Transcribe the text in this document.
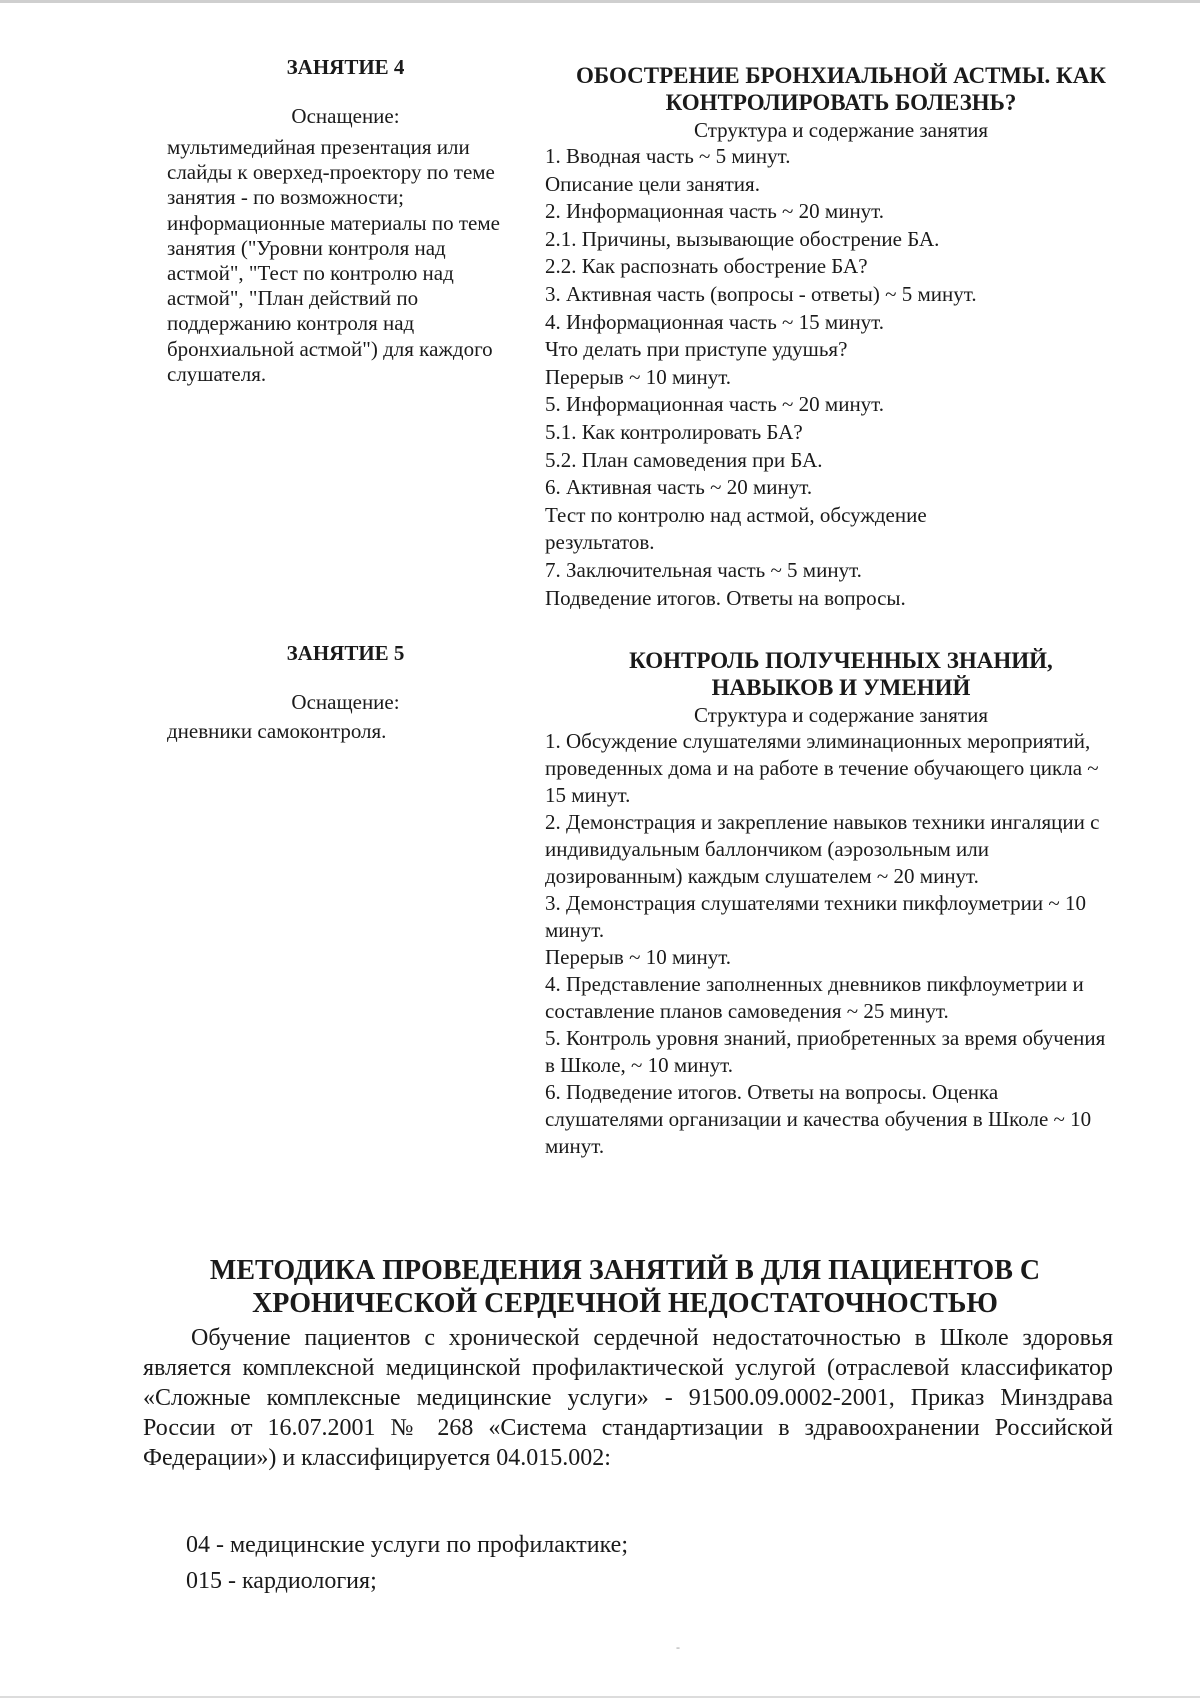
ЗАНЯТИЕ 4

Оснащение:

мультимедийная презентация или слайды к оверхед-проектору по теме занятия - по возможности; информационные материалы по теме занятия ("Уровни контроля над астмой", "Тест по контролю над астмой", "План действий по поддержанию контроля над бронхиальной астмой") для каждого слушателя.

ОБОСТРЕНИЕ БРОНХИАЛЬНОЙ АСТМЫ. КАК

КОНТРОЛИРОВАТЬ БОЛЕЗНЬ?

Структура и содержание занятия

1. Вводная часть ~ 5 минут.

Описание цели занятия.

2. Информационная часть ~ 20 минут.

2.1. Причины, вызывающие обострение БА.

2.2. Как распознать обострение БА?

3. Активная часть (вопросы - ответы) ~ 5 минут.

4. Информационная часть ~ 15 минут.

Что делать при приступе удушья?

Перерыв ~ 10 минут.

5. Информационная часть ~ 20 минут.

5.1. Как контролировать БА?

5.2. План самоведения при БА.

6. Активная часть ~ 20 минут.

Тест по контролю над астмой, обсуждение

результатов.

7. Заключительная часть ~ 5 минут.

Подведение итогов. Ответы на вопросы.

ЗАНЯТИЕ 5

Оснащение:

дневники самоконтроля.

КОНТРОЛЬ ПОЛУЧЕННЫХ ЗНАНИЙ,

НАВЫКОВ И УМЕНИЙ

Структура и содержание занятия

1. Обсуждение слушателями элиминационных мероприятий, проведенных дома и на работе в течение обучающего цикла ~ 15 минут.

2. Демонстрация и закрепление навыков техники ингаляции с индивидуальным баллончиком (аэрозольным или дозированным) каждым слушателем ~ 20 минут.

3. Демонстрация слушателями техники пикфлоуметрии ~ 10 минут.

Перерыв ~ 10 минут.

4. Представление заполненных дневников пикфлоуметрии и составление планов самоведения ~ 25 минут.

5. Контроль уровня знаний, приобретенных за время обучения в Школе, ~ 10 минут.

6. Подведение итогов. Ответы на вопросы. Оценка слушателями организации и качества обучения в Школе ~ 10 минут.

МЕТОДИКА ПРОВЕДЕНИЯ ЗАНЯТИЙ В ДЛЯ ПАЦИЕНТОВ С
ХРОНИЧЕСКОЙ СЕРДЕЧНОЙ НЕДОСТАТОЧНОСТЬЮ

Обучение пациентов с хронической сердечной недостаточностью в Школе здоровья является комплексной медицинской профилактической услугой (отраслевой классификатор «Сложные комплексные медицинские услуги» - 91500.09.0002-2001, Приказ Минздрава России от 16.07.2001 № 268 «Система стандартизации в здравоохранении Российской Федерации») и классифицируется 04.015.002:

04 - медицинские услуги по профилактике;

015 - кардиология;

-
